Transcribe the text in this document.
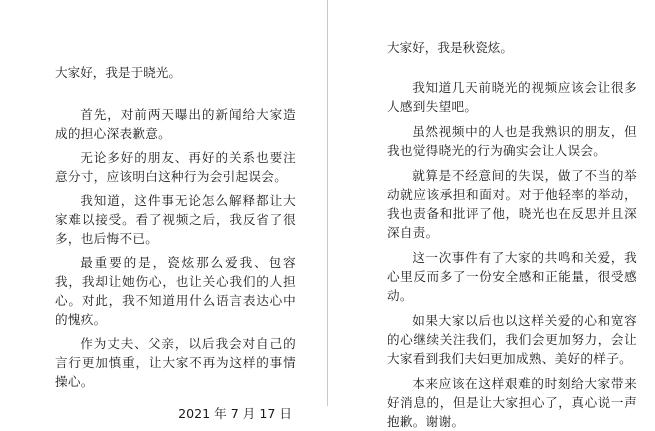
大家好，我是于晓光。

首先，对前两天曝出的新闻给大家造成的担心深表歉意。

无论多好的朋友、再好的关系也要注意分寸，应该明白这种行为会引起误会。

我知道，这件事无论怎么解释都让大家难以接受。看了视频之后，我反省了很多，也后悔不已。

最重要的是，瓷炫那么爱我、包容我，我却让她伤心，也让关心我们的人担心。对此，我不知道用什么语言表达心中的愧疚。

作为丈夫、父亲，以后我会对自己的言行更加慎重，让大家不再为这样的事情操心。

2021 年 7 月 17 日
大家好，我是秋瓷炫。

我知道几天前晓光的视频应该会让很多人感到失望吧。

虽然视频中的人也是我熟识的朋友，但我也觉得晓光的行为确实会让人误会。

就算是不经意间的失误，做了不当的举动就应该承担和面对。对于他轻率的举动，我也责备和批评了他，晓光也在反思并且深深自责。

这一次事件有了大家的共鸣和关爱，我心里反而多了一份安全感和正能量，很受感动。

如果大家以后也以这样关爱的心和宽容的心继续关注我们，我们会更加努力，会让大家看到我们夫妇更加成熟、美好的样子。

本来应该在这样艰难的时刻给大家带来好消息的，但是让大家担心了，真心说一声抱歉。谢谢。
